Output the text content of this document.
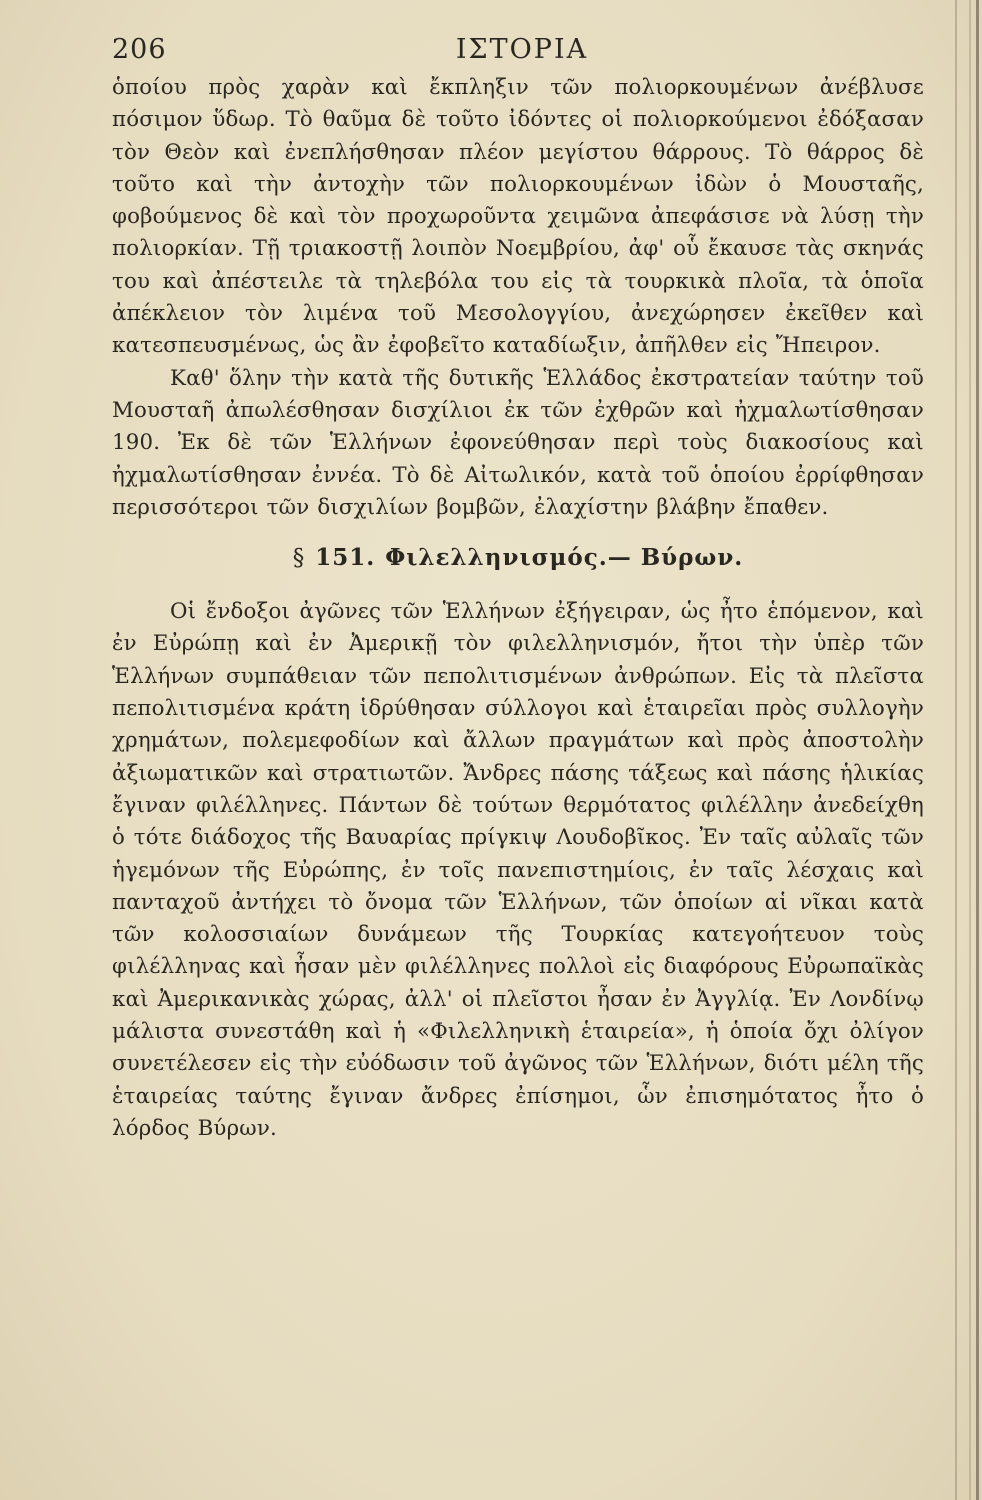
206	ΙΣΤΟΡΙΑ

ὁποίου πρὸς χαρὰν καὶ ἔκπληξιν τῶν πολιορκουμένων ἀνέβλυσε πόσιμον ὕδωρ. Τὸ θαῦμα δὲ τοῦτο ἰδόντες οἱ πολιορκούμενοι ἐδόξασαν τὸν Θεὸν καὶ ἐνεπλήσθησαν πλέον μεγίστου θάρρους. Τὸ θάρρος δὲ τοῦτο καὶ τὴν ἀντοχὴν τῶν πολιορκουμένων ἰδὼν ὁ Μουσταῆς, φοβούμενος δὲ καὶ τὸν προχωροῦντα χειμῶνα ἀπεφάσισε νὰ λύσῃ τὴν πολιορκίαν. Τῇ τριακοστῇ λοιπὸν Νοεμβρίου, ἀφ' οὗ ἔκαυσε τὰς σκηνάς του καὶ ἀπέστειλε τὰ τηλεβόλα του εἰς τὰ τουρκικὰ πλοῖα, τὰ ὁποῖα ἀπέκλειον τὸν λιμένα τοῦ Μεσολογγίου, ἀνεχώρησεν ἐκεῖθεν καὶ κατεσπευσμένως, ὡς ἂν ἐφοβεῖτο καταδίωξιν, ἀπῆλθεν εἰς Ἤπειρον.

Καθ' ὅλην τὴν κατὰ τῆς δυτικῆς Ἑλλάδος ἐκστρατείαν ταύτην τοῦ Μουσταῆ ἀπωλέσθησαν δισχίλιοι ἐκ τῶν ἐχθρῶν καὶ ἠχμαλωτίσθησαν 190. Ἐκ δὲ τῶν Ἑλλήνων ἐφονεύθησαν περὶ τοὺς διακοσίους καὶ ἠχμαλωτίσθησαν ἐννέα. Τὸ δὲ Αἰτωλικόν, κατὰ τοῦ ὁποίου ἐρρίφθησαν περισσότεροι τῶν δισχιλίων βομβῶν, ἐλαχίστην βλάβην ἔπαθεν.

§ 151. Φιλελληνισμός.— Βύρων.

Οἱ ἔνδοξοι ἀγῶνες τῶν Ἑλλήνων ἐξήγειραν, ὡς ἦτο ἑπόμενον, καὶ ἐν Εὐρώπῃ καὶ ἐν Ἀμερικῇ τὸν φιλελληνισμόν, ἤτοι τὴν ὑπὲρ τῶν Ἑλλήνων συμπάθειαν τῶν πεπολιτισμένων ἀνθρώπων. Εἰς τὰ πλεῖστα πεπολιτισμένα κράτη ἱδρύθησαν σύλλογοι καὶ ἑταιρεῖαι πρὸς συλλογὴν χρημάτων, πολεμεφοδίων καὶ ἄλλων πραγμάτων καὶ πρὸς ἀποστολὴν ἀξιωματικῶν καὶ στρατιωτῶν. Ἄνδρες πάσης τάξεως καὶ πάσης ἡλικίας ἔγιναν φιλέλληνες. Πάντων δὲ τούτων θερμότατος φιλέλλην ἀνεδείχθη ὁ τότε διάδοχος τῆς Βαυαρίας πρίγκιψ Λουδοβῖκος. Ἐν ταῖς αὐλαῖς τῶν ἡγεμόνων τῆς Εὐρώπης, ἐν τοῖς πανεπιστημίοις, ἐν ταῖς λέσχαις καὶ πανταχοῦ ἀντήχει τὸ ὄνομα τῶν Ἑλλήνων, τῶν ὁποίων αἱ νῖκαι κατὰ τῶν κολοσσιαίων δυνάμεων τῆς Τουρκίας κατεγοήτευον τοὺς φιλέλληνας καὶ ἦσαν μὲν φιλέλληνες πολλοὶ εἰς διαφόρους Εὐρωπαϊκὰς καὶ Ἀμερικανικὰς χώρας, ἀλλ' οἱ πλεῖστοι ἦσαν ἐν Ἀγγλίᾳ. Ἐν Λονδίνῳ μάλιστα συνεστάθη καὶ ἡ «Φιλελληνικὴ ἑταιρεία», ἡ ὁποία ὄχι ὀλίγον συνετέλεσεν εἰς τὴν εὐόδωσιν τοῦ ἀγῶνος τῶν Ἑλλήνων, διότι μέλη τῆς ἑταιρείας ταύτης ἔγιναν ἄνδρες ἐπίσημοι, ὧν ἐπισημότατος ἦτο ὁ λόρδος Βύρων.
